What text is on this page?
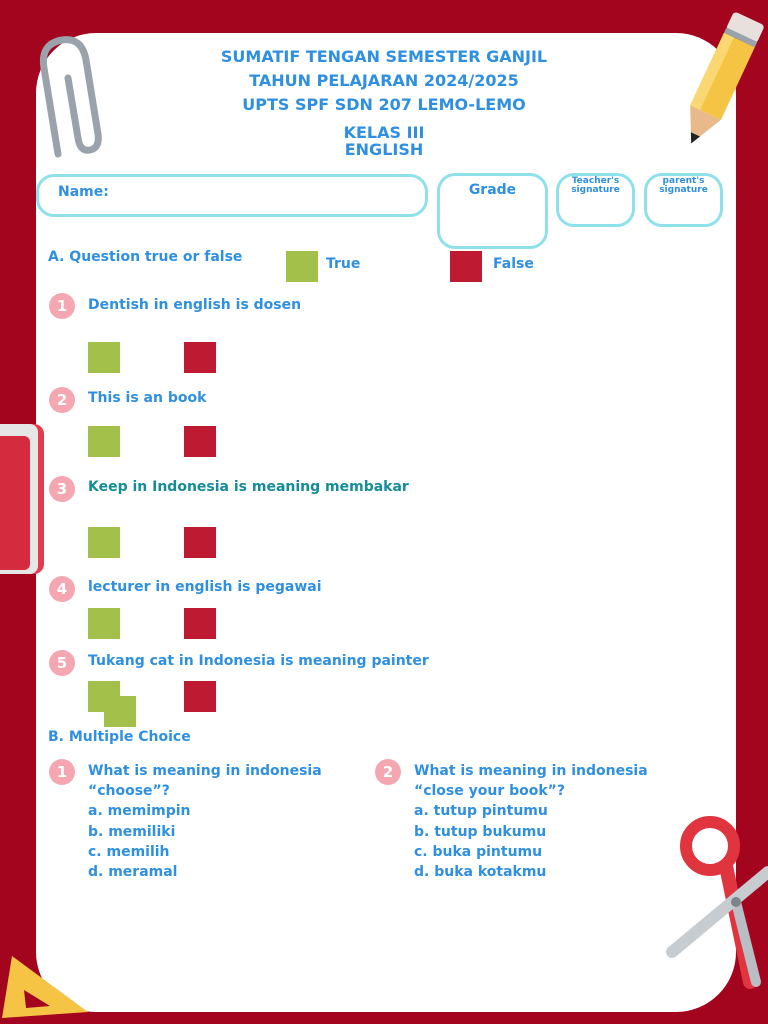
SUMATIF TENGAN SEMESTER GANJIL
TAHUN PELAJARAN 2024/2025
UPTS SPF SDN 207 LEMO-LEMO
KELAS III
ENGLISH
Name:	Grade
Teacher's signature
parent's signature
A. Question true or false	True	False
1	Dentish in english is dosen
2	This is an book
3	Keep in Indonesia is meaning membakar
4	lecturer in english is pegawai
5	Tukang cat in Indonesia is meaning painter
B. Multiple Choice
1	What is meaning in indonesia
“choose”?
a. memimpin
b. memiliki
c. memilih
d. meramal
2	What is meaning in indonesia
“close your book”?
a. tutup pintumu
b. tutup bukumu
c. buka pintumu
d. buka kotakmu
